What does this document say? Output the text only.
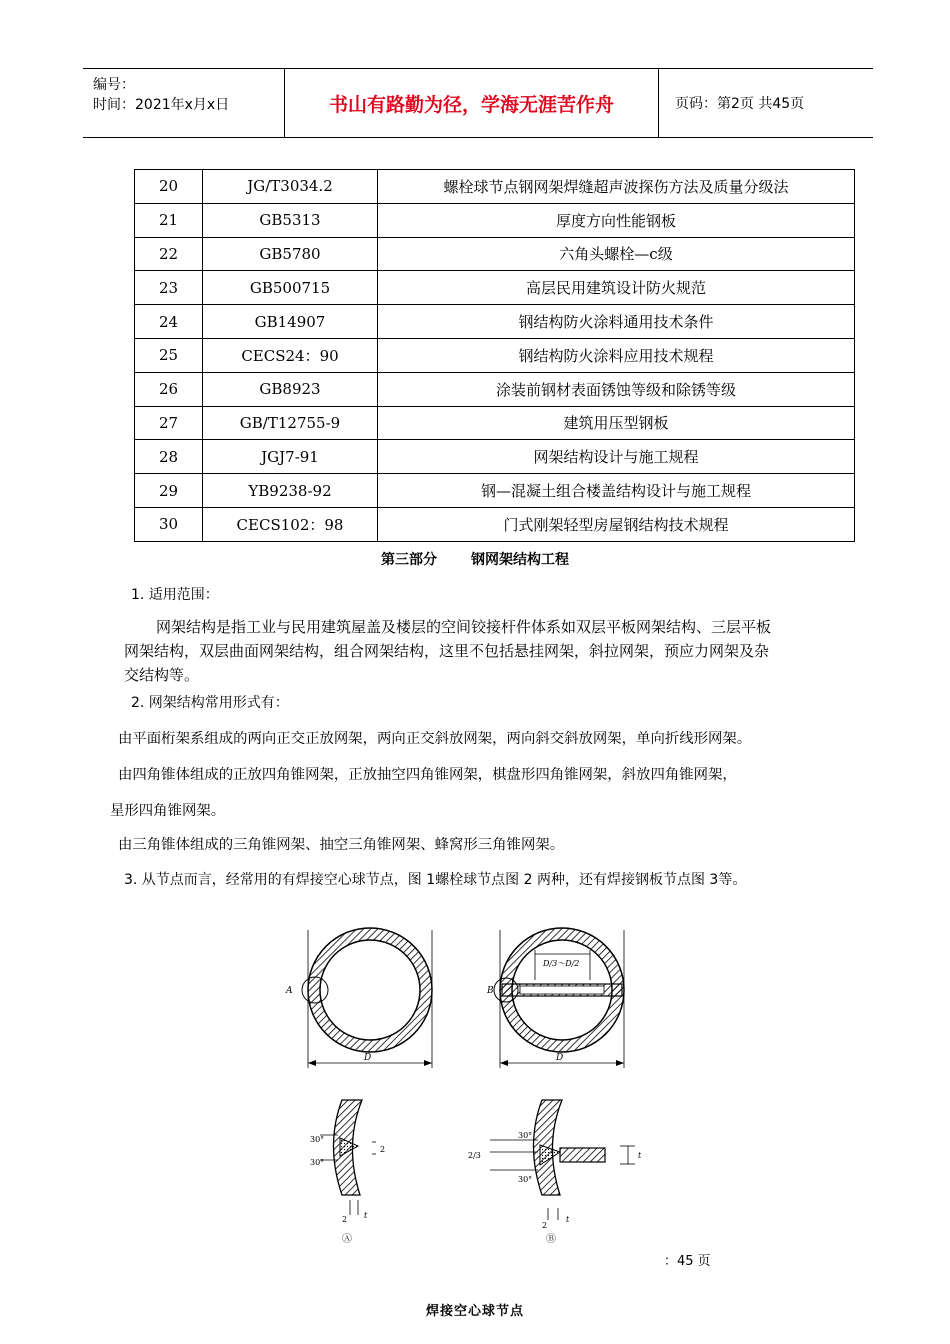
编号：
时间：2021年x月x日	书山有路勤为径，学海无涯苦作舟	页码：第2页 共45页
20	JG/T3034.2	螺栓球节点钢网架焊缝超声波探伤方法及质量分级法
21	GB5313	厚度方向性能钢板
22	GB5780	六角头螺栓—c级
23	GB500715	高层民用建筑设计防火规范
24	GB14907	钢结构防火涂料通用技术条件
25	CECS24：90	钢结构防火涂料应用技术规程
26	GB8923	涂装前钢材表面锈蚀等级和除锈等级
27	GB/T12755-9	建筑用压型钢板
28	JGJ7-91	网架结构设计与施工规程
29	YB9238-92	钢—混凝土组合楼盖结构设计与施工规程
30	CECS102：98	门式刚架轻型房屋钢结构技术规程
第三部分 钢网架结构工程
1. 适用范围：
网架结构是指工业与民用建筑屋盖及楼层的空间铰接杆件体系如双层平板网架结构、三层平板
网架结构，双层曲面网架结构，组合网架结构，这里不包括悬挂网架，斜拉网架，预应力网架及杂
交结构等。
2. 网架结构常用形式有：
由平面桁架系组成的两向正交正放网架，两向正交斜放网架，两向斜交斜放网架，单向折线形网架。
由四角锥体组成的正放四角锥网架，正放抽空四角锥网架，棋盘形四角锥网架，斜放四角锥网架，
星形四角锥网架。
由三角锥体组成的三角锥网架、抽空三角锥网架、蜂窝形三角锥网架。
3. 从节点而言，经常用的有焊接空心球节点，图 1螺栓球节点图 2 两种，还有焊接钢板节点图 3等。
A
D
B
D/3～D/2
D
30°
30°
2
2 t
Ⓐ
30°
30°
2/3
2
t
t
Ⓑ
：45 页
焊接空心球节点
